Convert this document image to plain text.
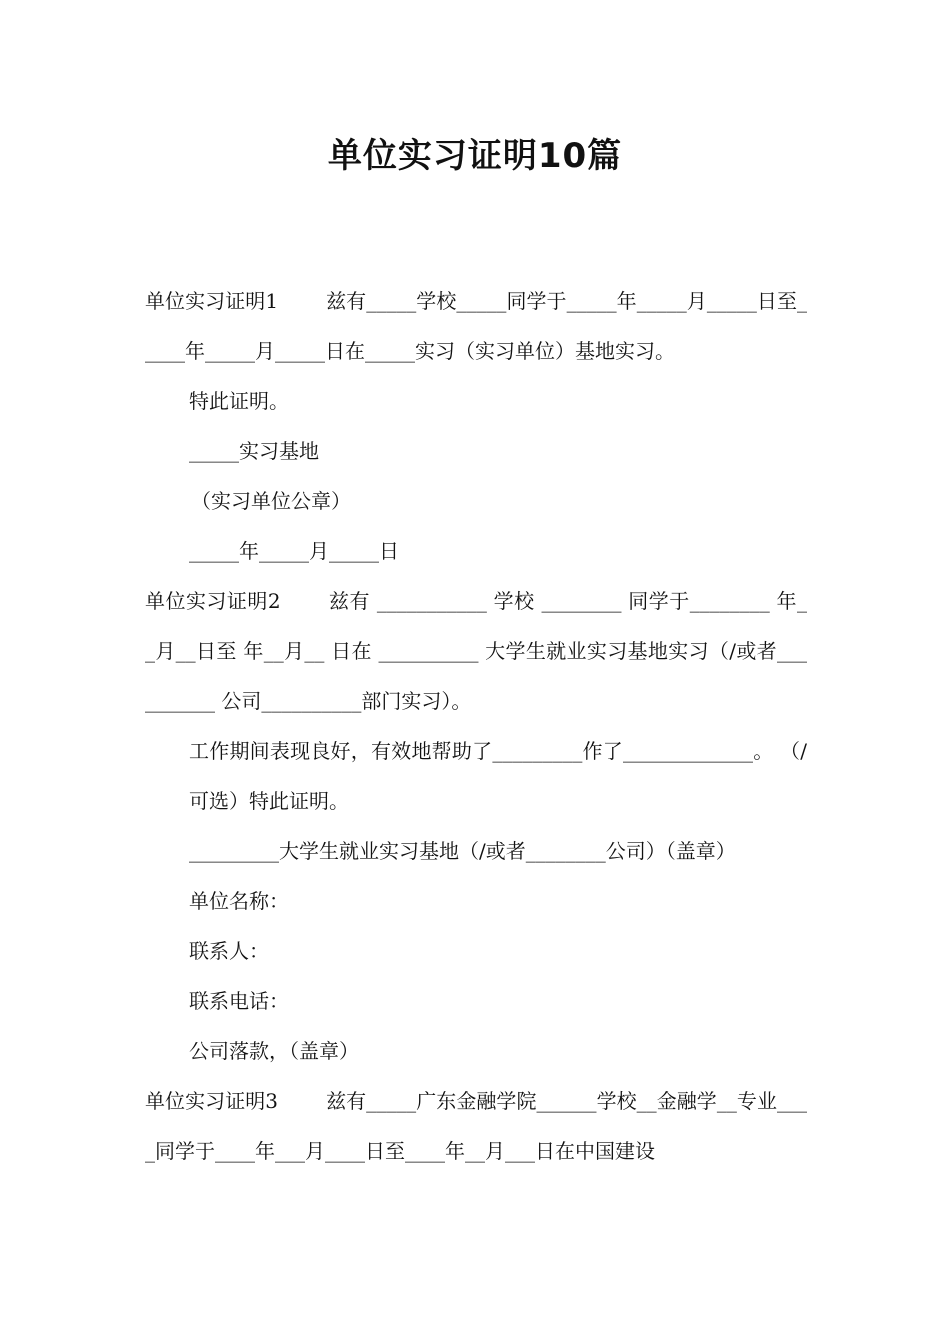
单位实习证明10篇

单位实习证明1 兹有_____学校_____同学于_____年_____月_____日至_____年_____月_____日在_____实习（实习单位）基地实习。

特此证明。

_____实习基地

（实习单位公章）

_____年_____月_____日

单位实习证明2 兹有 ___________ 学校 ________ 同学于________ 年__月__日至 年__月__ 日在 __________ 大学生就业实习基地实习（/或者__________ 公司__________部门实习）。

工作期间表现良好，有效地帮助了_________作了_____________。 （/可选）特此证明。

_________大学生就业实习基地（/或者________公司）（盖章）

单位名称：

联系人：

联系电话：

公司落款，（盖章）

单位实习证明3 兹有_____广东金融学院______学校__金融学__专业____同学于____年___月____日至____年__月___日在中国建设
